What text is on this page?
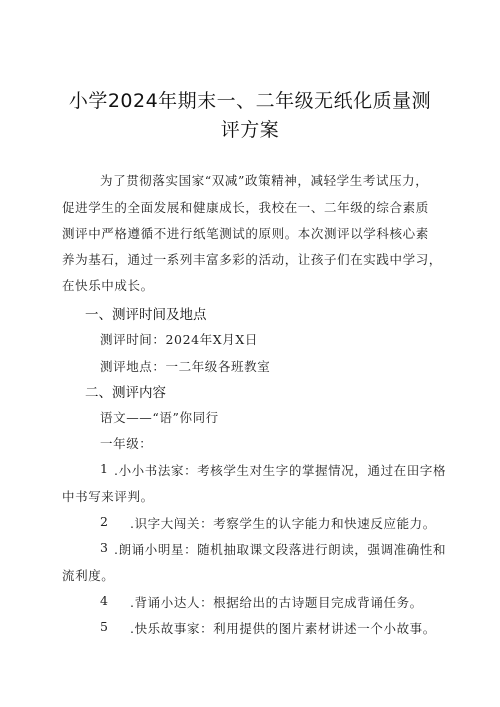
小学2024年期末一、二年级无纸化质量测
评方案
为了贯彻落实国家“双减”政策精神，减轻学生考试压力，
促进学生的全面发展和健康成长，我校在一、二年级的综合素质
测评中严格遵循不进行纸笔测试的原则。本次测评以学科核心素
养为基石，通过一系列丰富多彩的活动，让孩子们在实践中学习，
在快乐中成长。
一、测评时间及地点
测评时间：2024年X月X日
测评地点：一二年级各班教室
二、测评内容
语文——“语”你同行
一年级：
1 .小小书法家：考核学生对生字的掌握情况，通过在田字格
中书写来评判。
2 .识字大闯关：考察学生的认字能力和快速反应能力。
3 .朗诵小明星：随机抽取课文段落进行朗读，强调准确性和
流利度。
4 .背诵小达人：根据给出的古诗题目完成背诵任务。
5 .快乐故事家：利用提供的图片素材讲述一个小故事。
